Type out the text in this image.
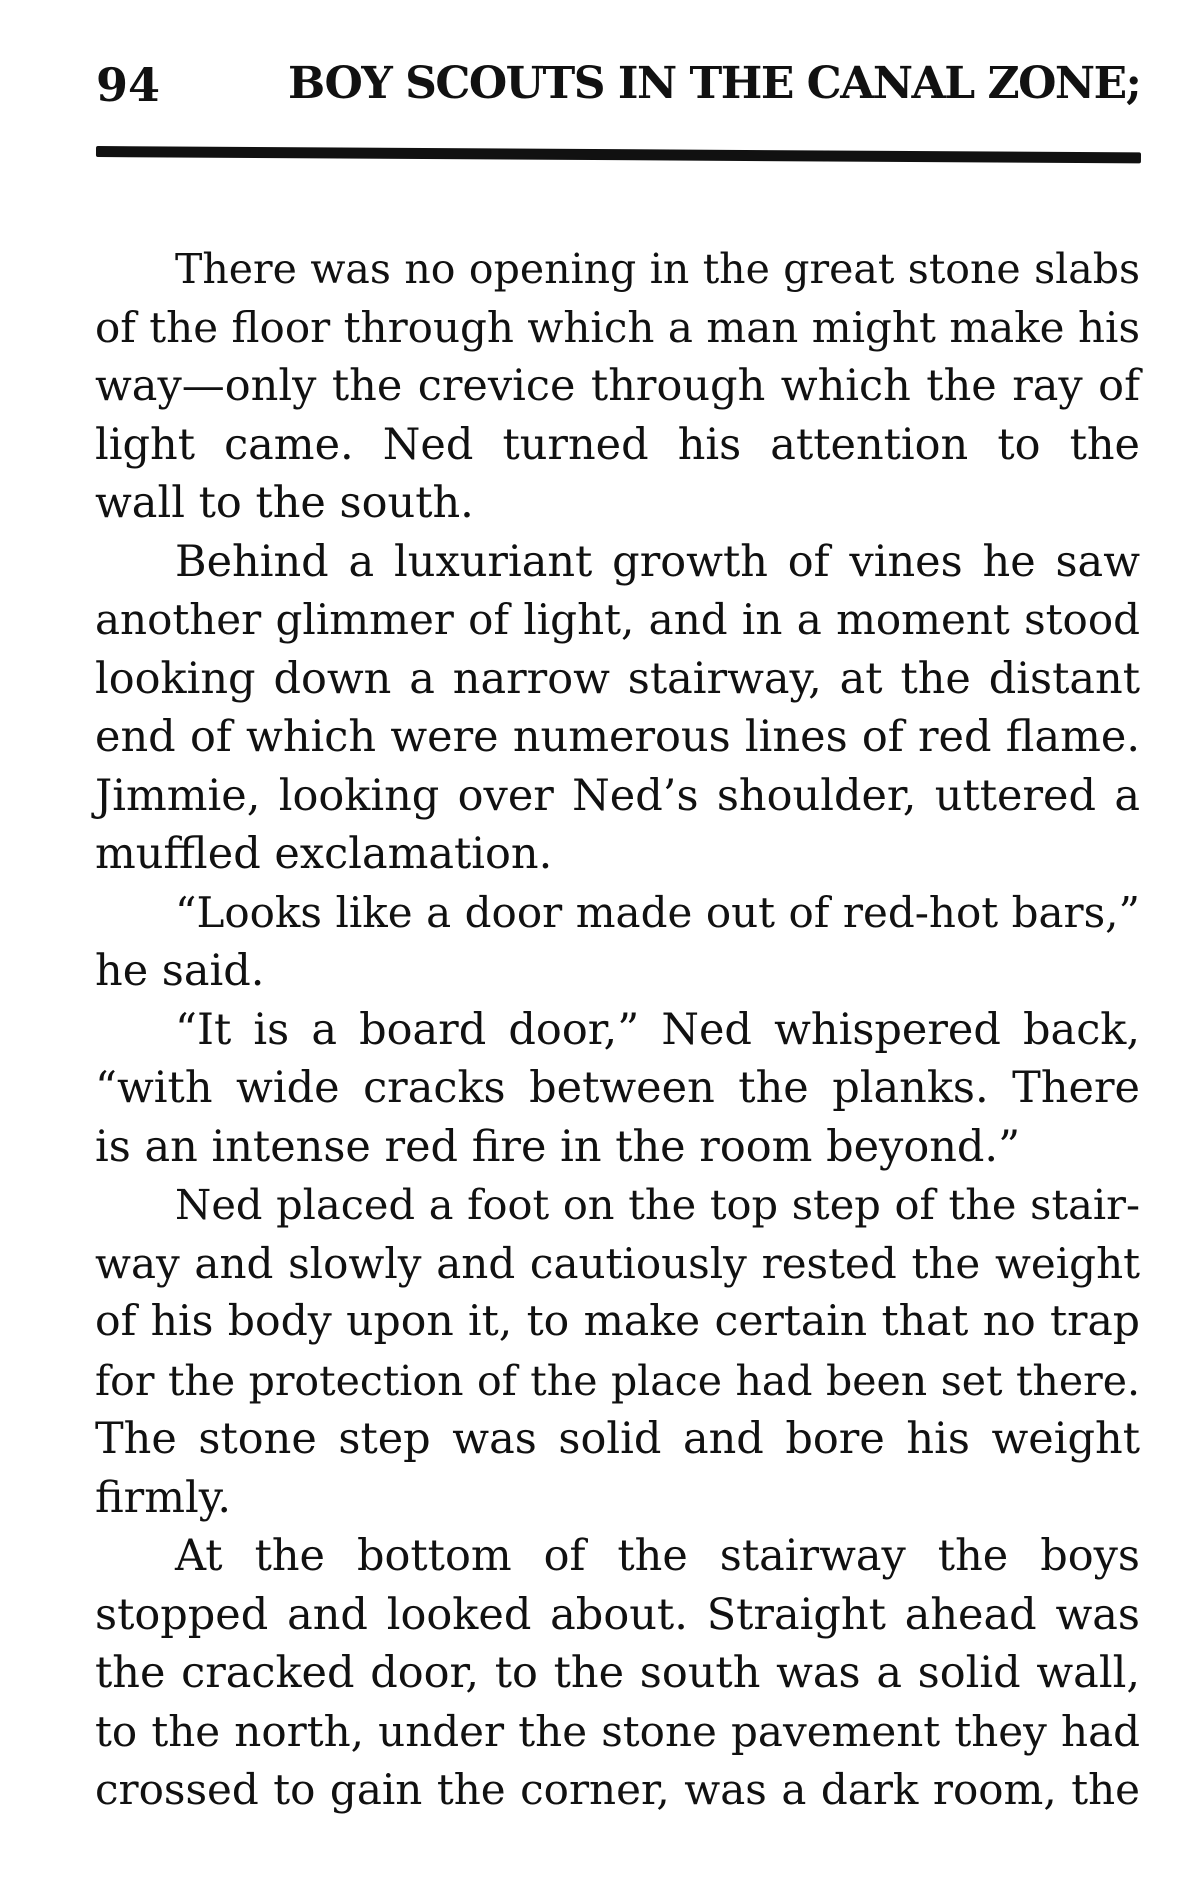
94	BOY SCOUTS IN THE CANAL ZONE;
There was no opening in the great stone slabs
of the floor through which a man might make his
way—only the crevice through which the ray of
light came. Ned turned his attention to the
wall to the south.
Behind a luxuriant growth of vines he saw
another glimmer of light, and in a moment stood
looking down a narrow stairway, at the distant
end of which were numerous lines of red flame.
Jimmie, looking over Ned’s shoulder, uttered a
muffled exclamation.
“Looks like a door made out of red-hot bars,”
he said.
“It is a board door,” Ned whispered back,
“with wide cracks between the planks. There
is an intense red fire in the room beyond.”
Ned placed a foot on the top step of the stair-
way and slowly and cautiously rested the weight
of his body upon it, to make certain that no trap
for the protection of the place had been set there.
The stone step was solid and bore his weight
firmly.
At the bottom of the stairway the boys
stopped and looked about. Straight ahead was
the cracked door, to the south was a solid wall,
to the north, under the stone pavement they had
crossed to gain the corner, was a dark room, the
